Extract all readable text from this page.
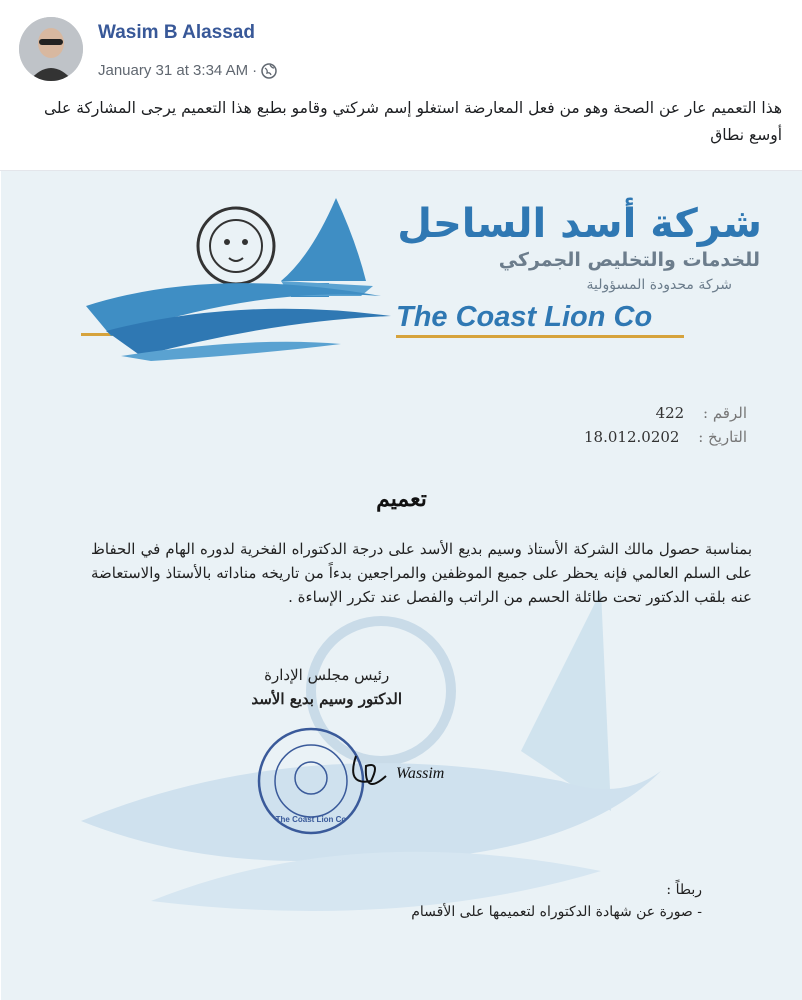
Wasim B Alassad
January 31 at 3:34 AM ·
هذا التعميم عار عن الصحة وهو من فعل المعارضة استغلو إسم شركتي وقامو بطبع هذا التعميم يرجى المشاركة على أوسع نطاق
شركة أسد الساحل
للخدمات والتخليص الجمركي
شركة محدودة المسؤولية
The Coast Lion Co
الرقم : 422
التاريخ : 18.012.0202
تعميم
بمناسبة حصول مالك الشركة الأستاذ وسيم بديع الأسد على درجة الدكتوراه الفخرية لدوره الهام في الحفاظ على السلم العالمي فإنه يحظر على جميع الموظفين والمراجعين بدءاً من تاريخه مناداته بالأستاذ والاستعاضة عنه بلقب الدكتور تحت طائلة الحسم من الراتب والفصل عند تكرر الإساءة .
رئيس مجلس الإدارة
الدكتور وسيم بديع الأسد
The Coast Lion Co
Wassim
ربطاً :
- صورة عن شهادة الدكتوراه لتعميمها على الأقسام
